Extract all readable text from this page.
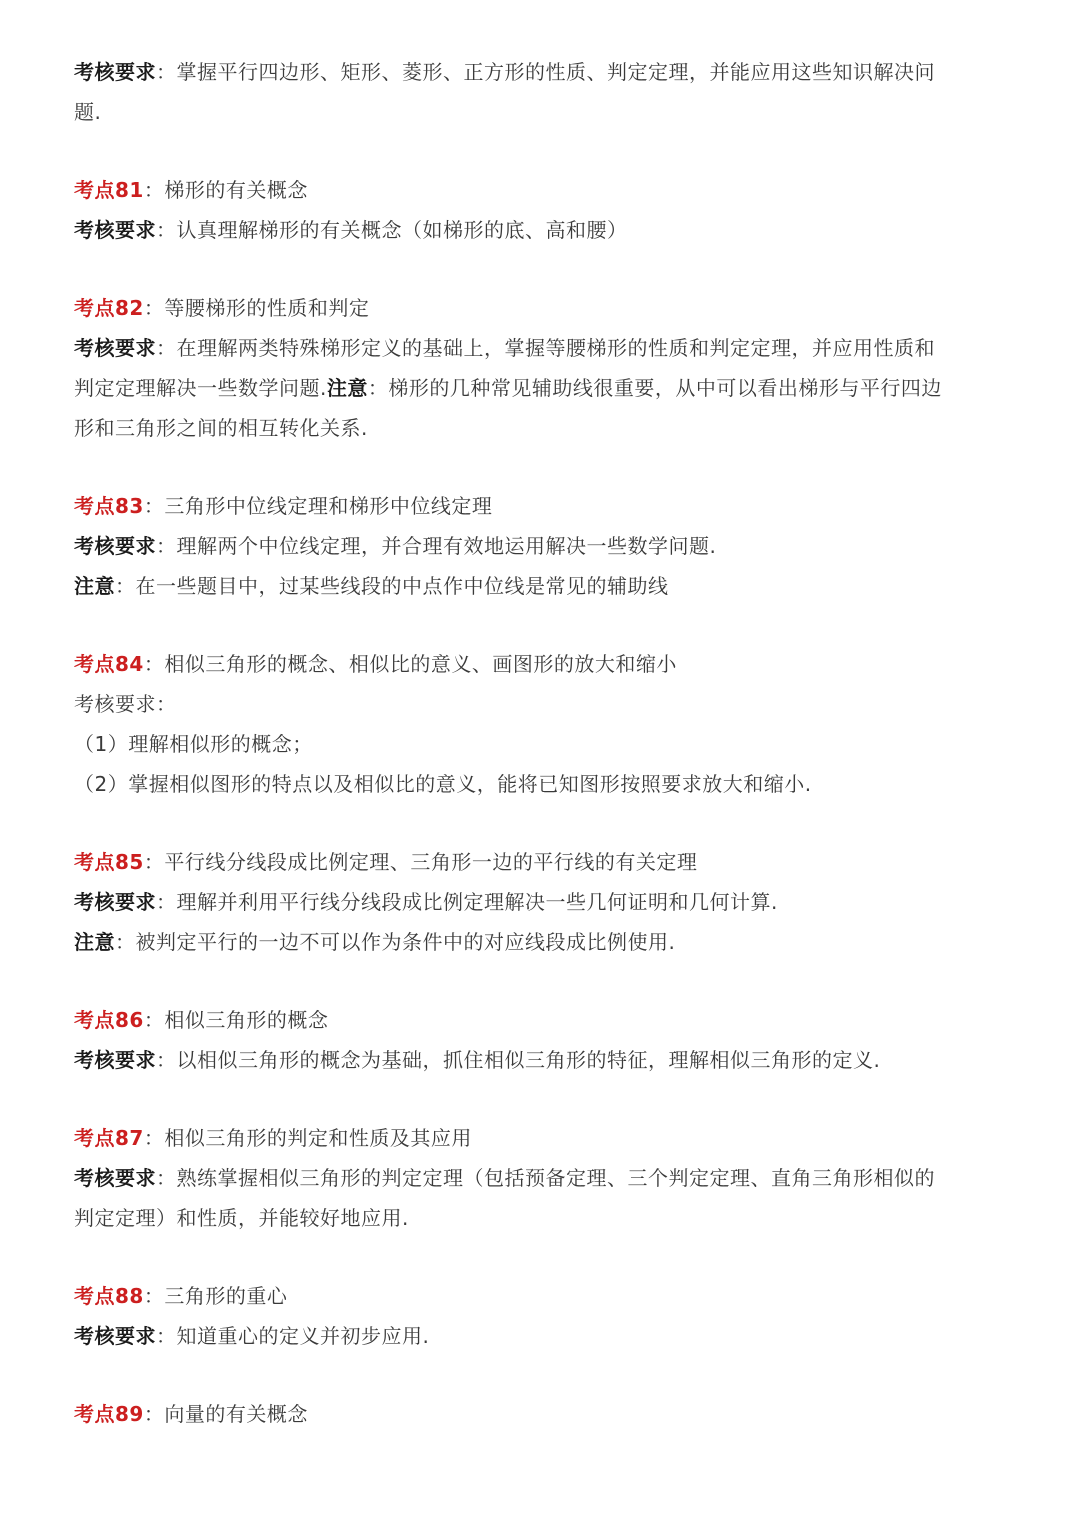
考核要求：掌握平行四边形、矩形、菱形、正方形的性质、判定定理，并能应用这些知识解决问
题.
考点81：梯形的有关概念
考核要求：认真理解梯形的有关概念（如梯形的底、高和腰）
考点82：等腰梯形的性质和判定
考核要求：在理解两类特殊梯形定义的基础上，掌握等腰梯形的性质和判定定理，并应用性质和
判定定理解决一些数学问题.注意：梯形的几种常见辅助线很重要，从中可以看出梯形与平行四边
形和三角形之间的相互转化关系.
考点83：三角形中位线定理和梯形中位线定理
考核要求：理解两个中位线定理，并合理有效地运用解决一些数学问题.
注意：在一些题目中，过某些线段的中点作中位线是常见的辅助线
考点84：相似三角形的概念、相似比的意义、画图形的放大和缩小
考核要求：
（1）理解相似形的概念；
（2）掌握相似图形的特点以及相似比的意义，能将已知图形按照要求放大和缩小.
考点85：平行线分线段成比例定理、三角形一边的平行线的有关定理
考核要求：理解并利用平行线分线段成比例定理解决一些几何证明和几何计算.
注意：被判定平行的一边不可以作为条件中的对应线段成比例使用.
考点86：相似三角形的概念
考核要求：以相似三角形的概念为基础，抓住相似三角形的特征，理解相似三角形的定义.
考点87：相似三角形的判定和性质及其应用
考核要求：熟练掌握相似三角形的判定定理（包括预备定理、三个判定定理、直角三角形相似的
判定定理）和性质，并能较好地应用.
考点88：三角形的重心
考核要求：知道重心的定义并初步应用.
考点89：向量的有关概念
